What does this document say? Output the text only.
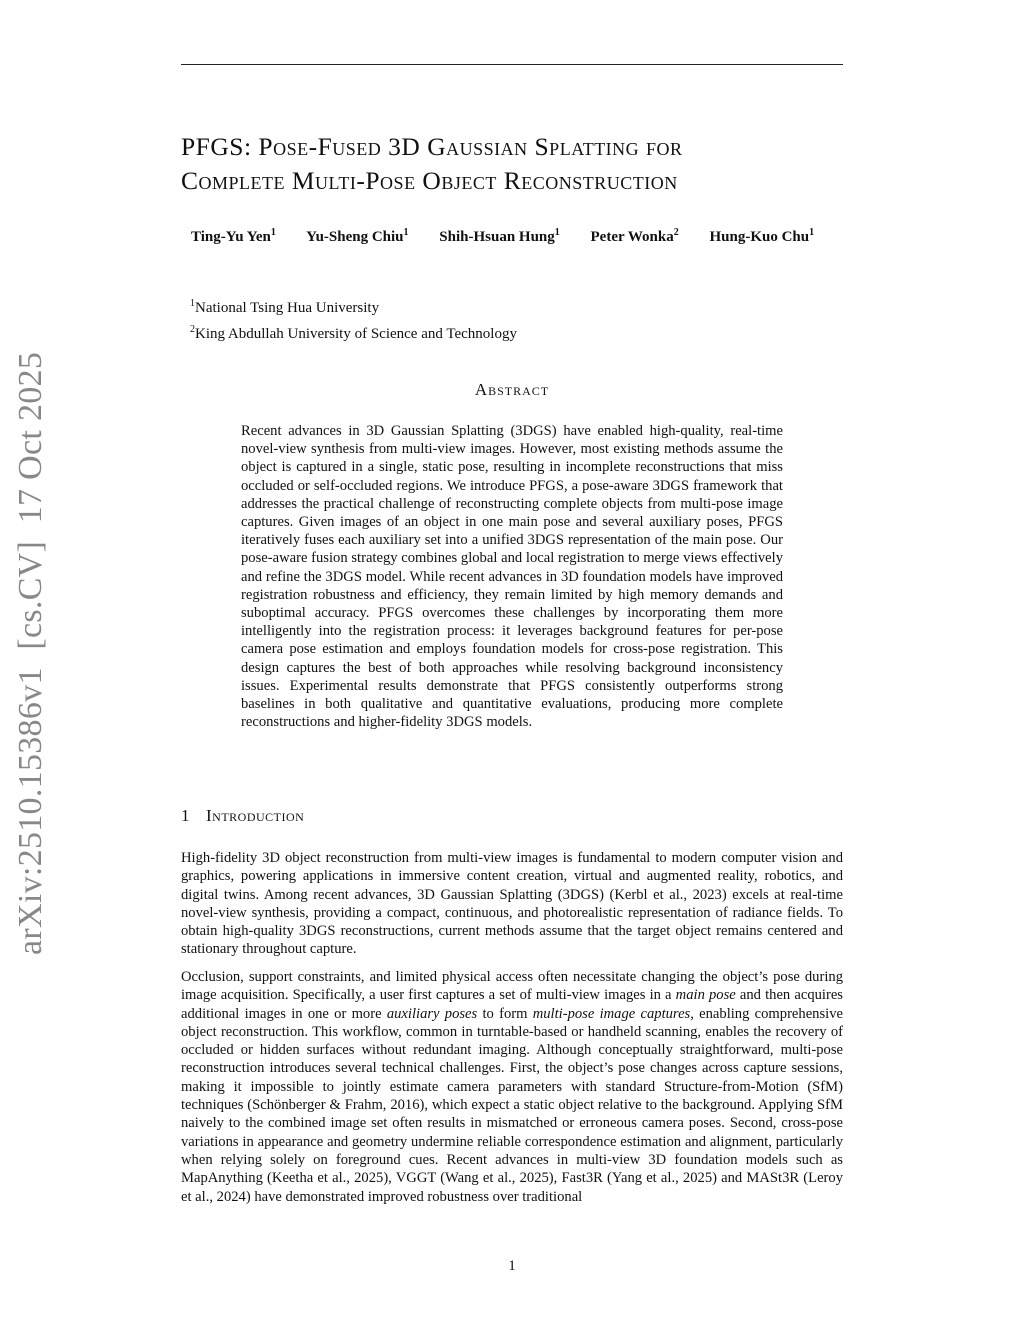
PFGS: Pose-Fused 3D Gaussian Splatting for
Complete Multi-Pose Object Reconstruction
Ting-Yu Yen$^1$ Yu-Sheng Chiu$^1$ Shih-Hsuan Hung$^1$ Peter Wonka$^2$ Hung-Kuo Chu$^1$
$^1$National Tsing Hua University
$^2$King Abdullah University of Science and Technology
Abstract
Recent advances in 3D Gaussian Splatting (3DGS) have enabled high-quality, real-time novel-view synthesis from multi-view images. However, most existing methods assume the object is captured in a single, static pose, resulting in incomplete reconstructions that miss occluded or self-occluded regions. We introduce PFGS, a pose-aware 3DGS framework that addresses the practical challenge of reconstructing complete objects from multi-pose image captures. Given images of an object in one main pose and several auxiliary poses, PFGS iteratively fuses each auxiliary set into a unified 3DGS representation of the main pose. Our pose-aware fusion strategy combines global and local registration to merge views effectively and refine the 3DGS model. While recent advances in 3D foundation models have improved registration robustness and efficiency, they remain limited by high memory demands and suboptimal accuracy. PFGS overcomes these challenges by incorporating them more intelligently into the registration process: it leverages background features for per-pose camera pose estimation and employs foundation models for cross-pose registration. This design captures the best of both approaches while resolving background inconsistency issues. Experimental results demonstrate that PFGS consistently outperforms strong baselines in both qualitative and quantitative evaluations, producing more complete reconstructions and higher-fidelity 3DGS models.
1 Introduction
High-fidelity 3D object reconstruction from multi-view images is fundamental to modern computer vision and graphics, powering applications in immersive content creation, virtual and augmented reality, robotics, and digital twins. Among recent advances, 3D Gaussian Splatting (3DGS) (Kerbl et al., 2023) excels at real-time novel-view synthesis, providing a compact, continuous, and photorealistic representation of radiance fields. To obtain high-quality 3DGS reconstructions, current methods assume that the target object remains centered and stationary throughout capture.
Occlusion, support constraints, and limited physical access often necessitate changing the object’s pose during image acquisition. Specifically, a user first captures a set of multi-view images in a main pose and then acquires additional images in one or more auxiliary poses to form multi-pose image captures, enabling comprehensive object reconstruction. This workflow, common in turntable-based or handheld scanning, enables the recovery of occluded or hidden surfaces without redundant imaging. Although conceptually straightforward, multi-pose reconstruction introduces several technical challenges. First, the object’s pose changes across capture sessions, making it impossible to jointly estimate camera parameters with standard Structure-from-Motion (SfM) techniques (Schönberger & Frahm, 2016), which expect a static object relative to the background. Applying SfM naively to the combined image set often results in mismatched or erroneous camera poses. Second, cross-pose variations in appearance and geometry undermine reliable correspondence estimation and alignment, particularly when relying solely on foreground cues. Recent advances in multi-view 3D foundation models such as MapAnything (Keetha et al., 2025), VGGT (Wang et al., 2025), Fast3R (Yang et al., 2025) and MASt3R (Leroy et al., 2024) have demonstrated improved robustness over traditional
arXiv:2510.15386v1  [cs.CV]  17 Oct 2025
1
